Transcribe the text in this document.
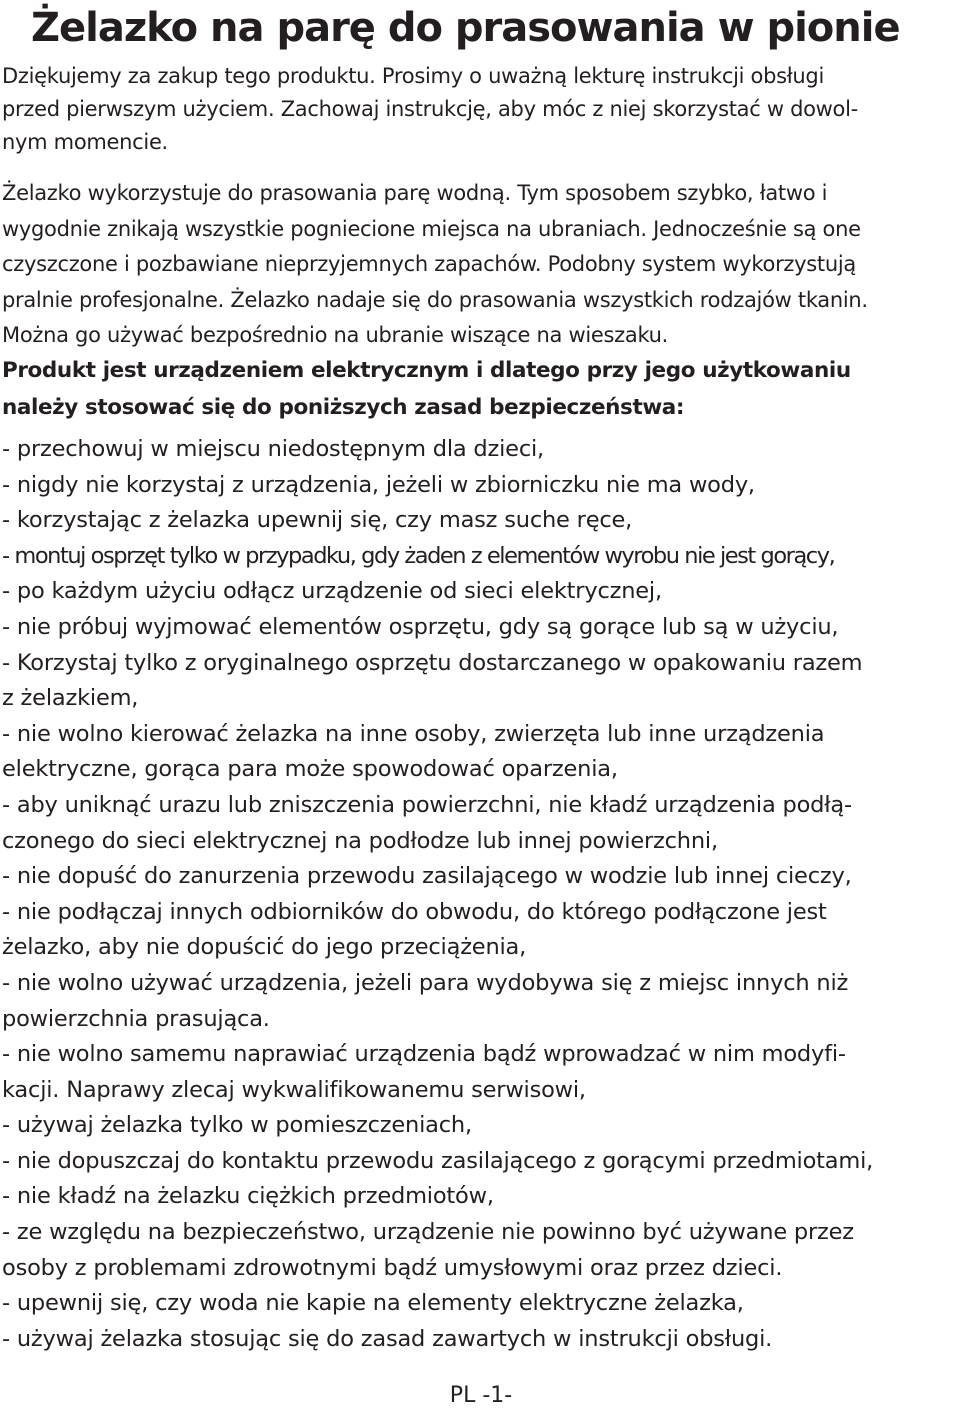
Żelazko na parę do prasowania w pionie

Dziękujemy za zakup tego produktu. Prosimy o uważną lekturę instrukcji obsługi
przed pierwszym użyciem. Zachowaj instrukcję, aby móc z niej skorzystać w dowol-
nym momencie.

Żelazko wykorzystuje do prasowania parę wodną. Tym sposobem szybko, łatwo i
wygodnie znikają wszystkie pogniecione miejsca na ubraniach. Jednocześnie są one
czyszczone i pozbawiane nieprzyjemnych zapachów. Podobny system wykorzystują
pralnie profesjonalne. Żelazko nadaje się do prasowania wszystkich rodzajów tkanin.
Można go używać bezpośrednio na ubranie wiszące na wieszaku.

Produkt jest urządzeniem elektrycznym i dlatego przy jego użytkowaniu
należy stosować się do poniższych zasad bezpieczeństwa:

- przechowuj w miejscu niedostępnym dla dzieci,
- nigdy nie korzystaj z urządzenia, jeżeli w zbiorniczku nie ma wody,
- korzystając z żelazka upewnij się, czy masz suche ręce,
- montuj osprzęt tylko w przypadku, gdy żaden z elementów wyrobu nie jest gorący,
- po każdym użyciu odłącz urządzenie od sieci elektrycznej,
- nie próbuj wyjmować elementów osprzętu, gdy są gorące lub są w użyciu,
- Korzystaj tylko z oryginalnego osprzętu dostarczanego w opakowaniu razem
z żelazkiem,
- nie wolno kierować żelazka na inne osoby, zwierzęta lub inne urządzenia
elektryczne, gorąca para może spowodować oparzenia,
- aby uniknąć urazu lub zniszczenia powierzchni, nie kładź urządzenia podłą-
czonego do sieci elektrycznej na podłodze lub innej powierzchni,
- nie dopuść do zanurzenia przewodu zasilającego w wodzie lub innej cieczy,
- nie podłączaj innych odbiorników do obwodu, do którego podłączone jest
żelazko, aby nie dopuścić do jego przeciążenia,
- nie wolno używać urządzenia, jeżeli para wydobywa się z miejsc innych niż
powierzchnia prasująca.
- nie wolno samemu naprawiać urządzenia bądź wprowadzać w nim modyfi-
kacji. Naprawy zlecaj wykwalifikowanemu serwisowi,
- używaj żelazka tylko w pomieszczeniach,
- nie dopuszczaj do kontaktu przewodu zasilającego z gorącymi przedmiotami,
- nie kładź na żelazku ciężkich przedmiotów,
- ze względu na bezpieczeństwo, urządzenie nie powinno być używane przez
osoby z problemami zdrowotnymi bądź umysłowymi oraz przez dzieci.
- upewnij się, czy woda nie kapie na elementy elektryczne żelazka,
- używaj żelazka stosując się do zasad zawartych w instrukcji obsługi.

PL -1-
